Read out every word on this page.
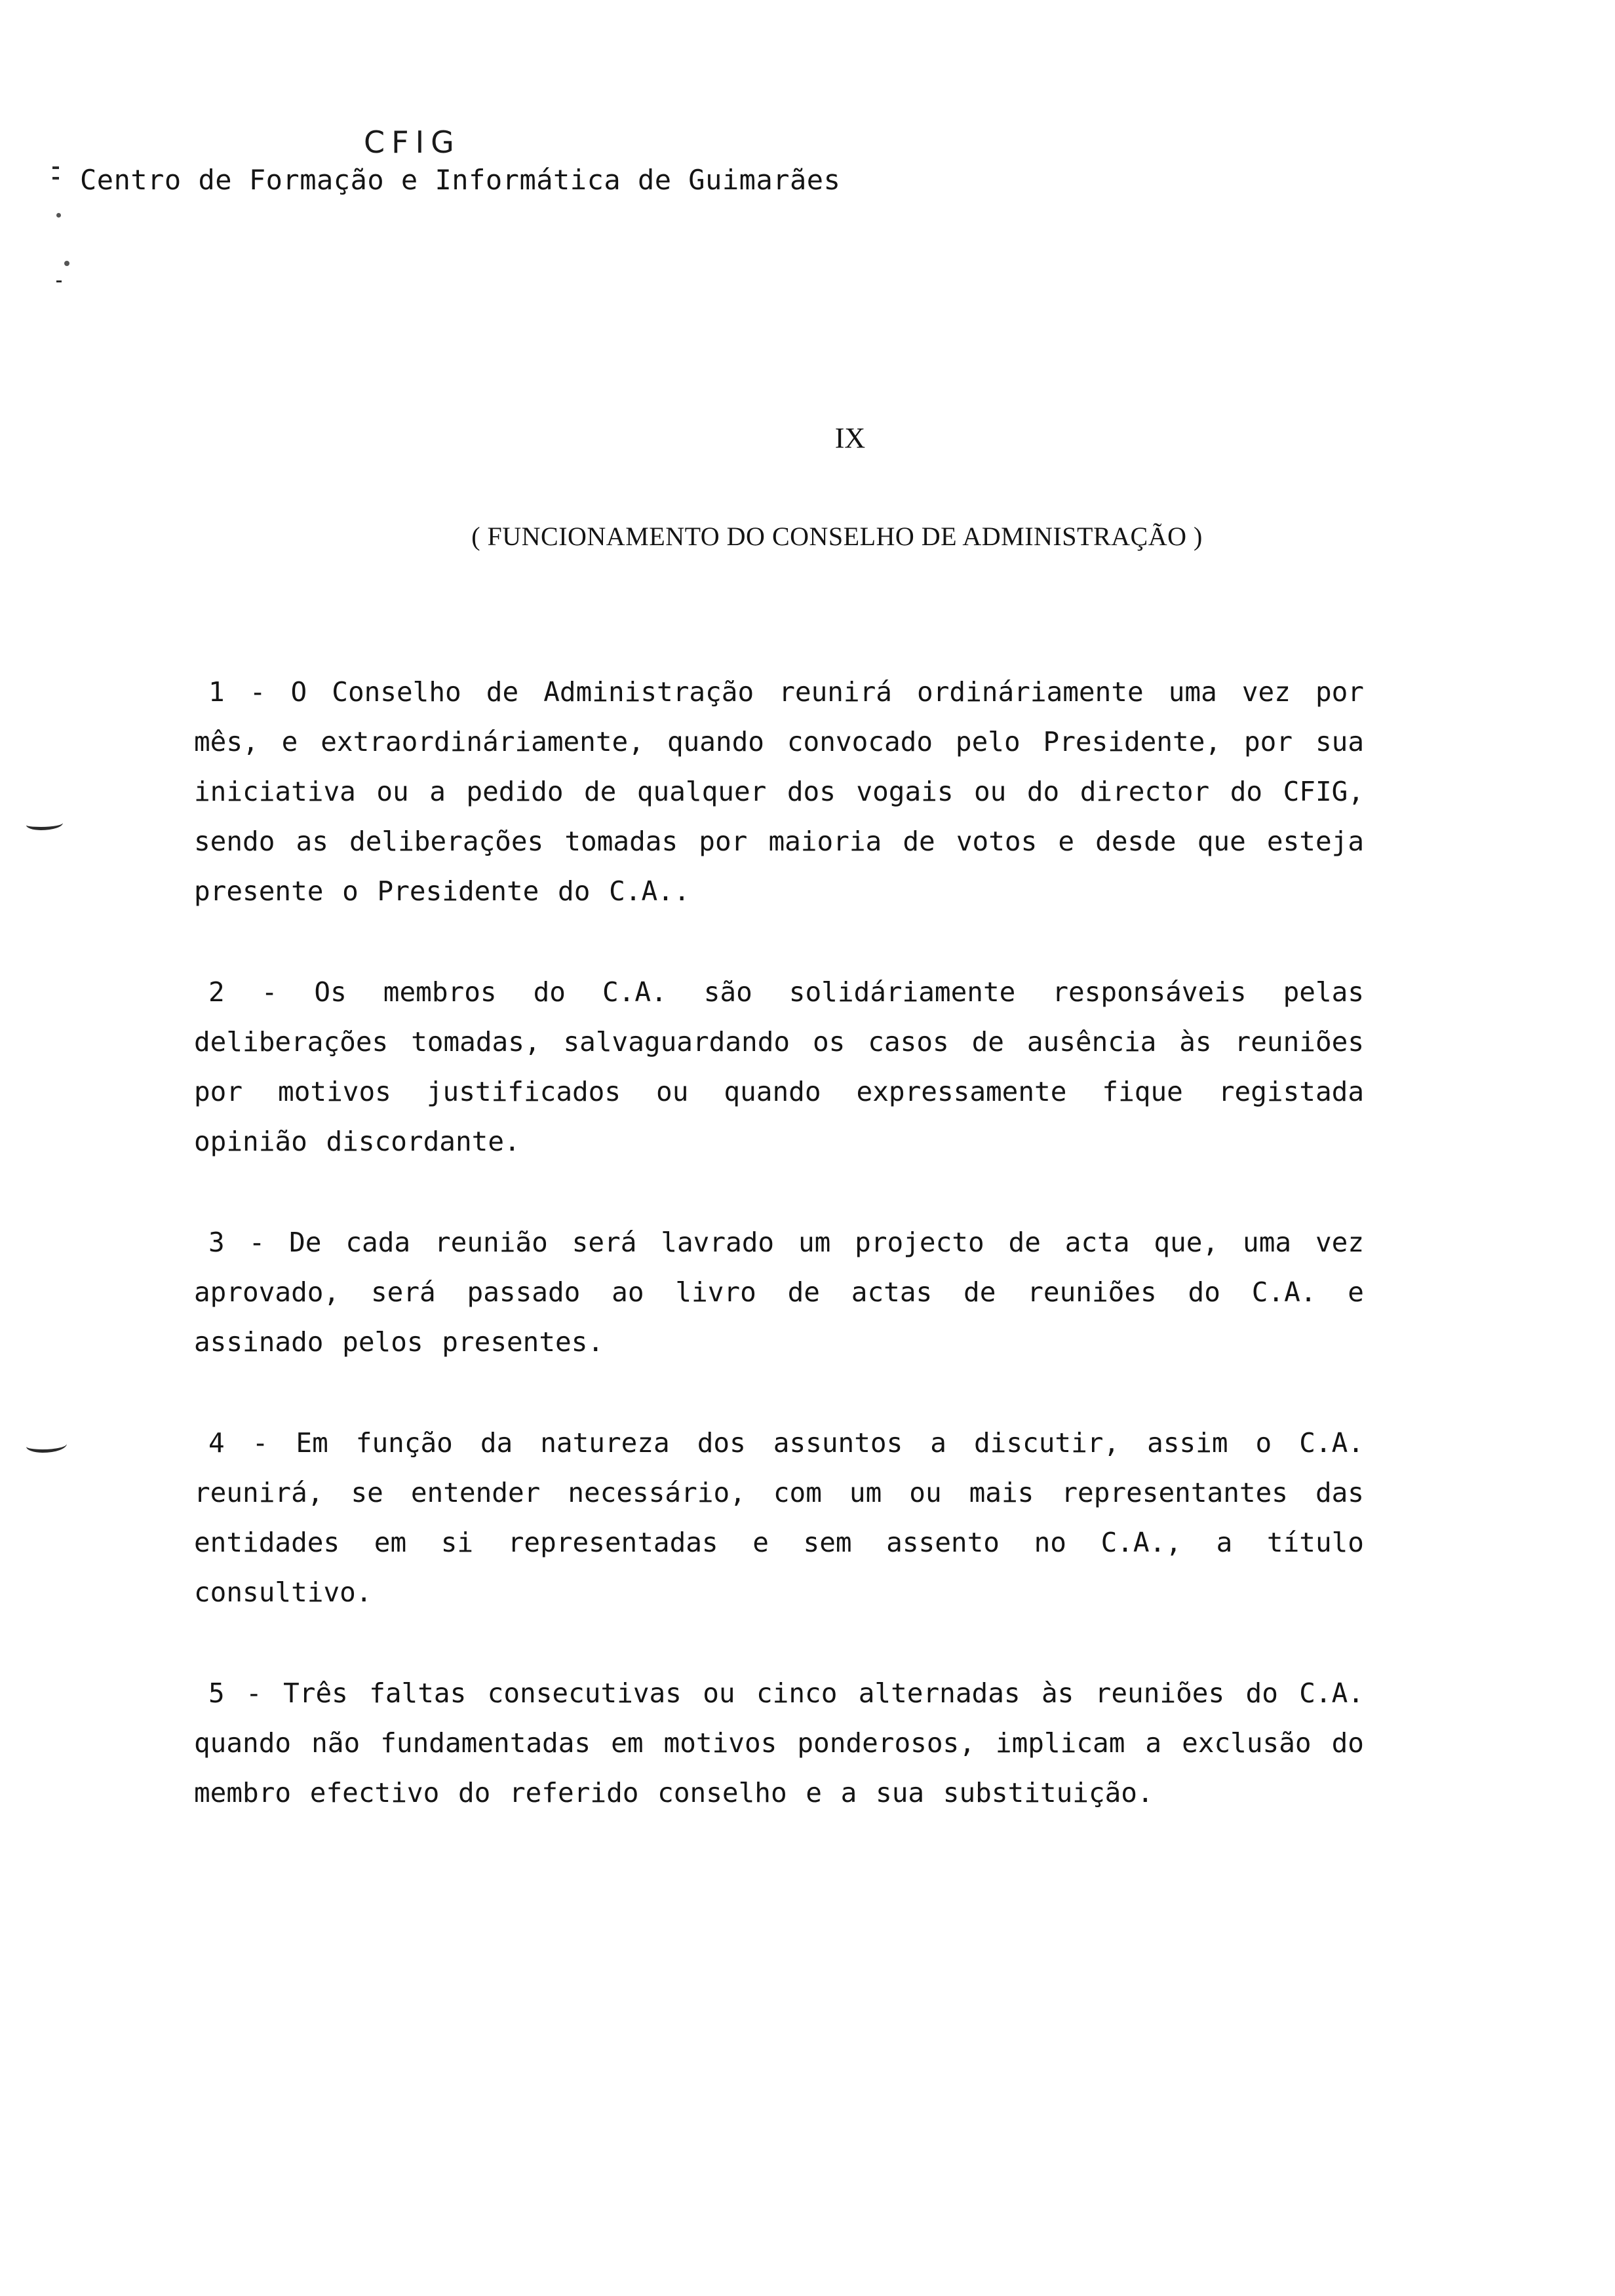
CFIG
Centro de Formação e Informática de Guimarães
IX
( FUNCIONAMENTO DO CONSELHO DE ADMINISTRAÇÃO )

1 - O Conselho de Administração reunirá ordináriamente uma vez por mês, e extraordináriamente, quando convocado pelo Presidente, por sua iniciativa ou a pedido de qualquer dos vogais ou do director do CFIG, sendo as deliberações tomadas por maioria de votos e desde que esteja presente o Presidente do C.A..

2 - Os membros do C.A. são solidáriamente responsáveis pelas deliberações tomadas, salvaguardando os casos de ausência às reuniões por motivos justificados ou quando expressamente fique registada opinião discordante.

3 - De cada reunião será lavrado um projecto de acta que, uma vez aprovado, será passado ao livro de actas de reuniões do C.A. e assinado pelos presentes.

4 - Em função da natureza dos assuntos a discutir, assim o C.A. reunirá, se entender necessário, com um ou mais representantes das entidades em si representadas e sem assento no C.A., a título consultivo.

5 - Três faltas consecutivas ou cinco alternadas às reuniões do C.A. quando não fundamentadas em motivos ponderosos, implicam a exclusão do membro efectivo do referido conselho e a sua substituição.
